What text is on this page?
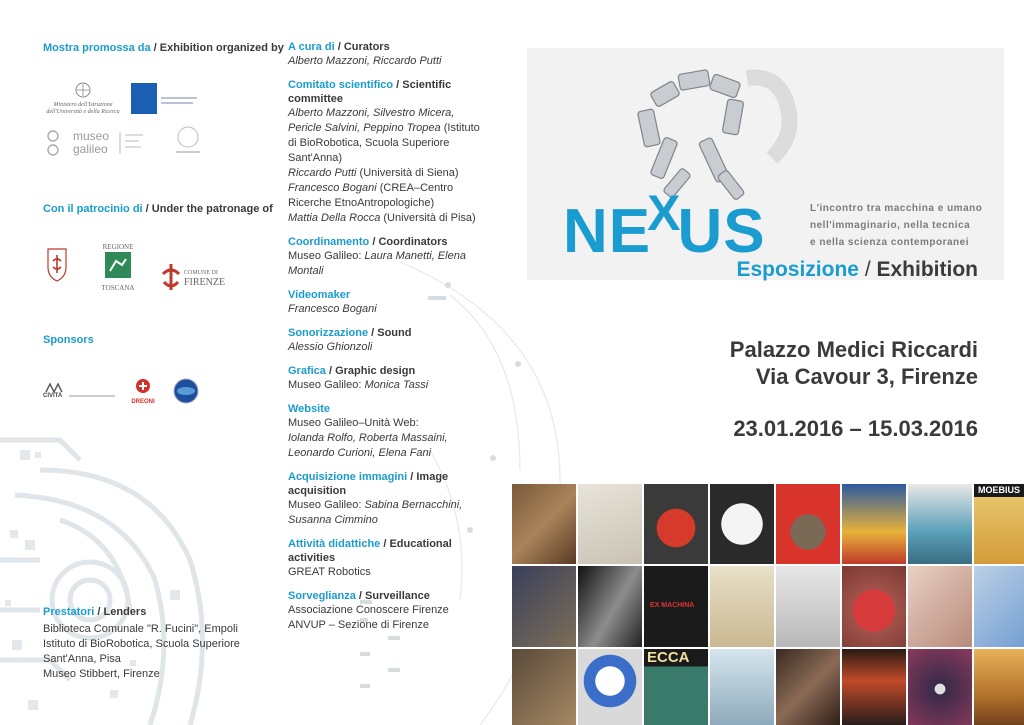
Mostra promossa da / Exhibition organized by
Ministero dell'Istruzione
dell'Università e della Ricerca
museo
galileo
Con il patrocinio di / Under the patronage of
REGIONE
TOSCANA
COMUNE DI
FIRENZE
Sponsors
CIVITA
DREONI
Prestatori / Lenders
Biblioteca Comunale "R. Fucini", Empoli
Istituto di BioRobotica, Scuola Superiore
Sant'Anna, Pisa
Museo Stibbert, Firenze
A cura di / Curators
Alberto Mazzoni, Riccardo Putti
Comitato scientifico / Scientific committee
Alberto Mazzoni, Silvestro Micera,
Pericle Salvini, Peppino Tropea (Istituto
di BioRobotica, Scuola Superiore
Sant'Anna)
Riccardo Putti (Università di Siena)
Francesco Bogani (CREA–Centro
Ricerche EtnoAntropologiche)
Mattia Della Rocca (Università di Pisa)
Coordinamento / Coordinators
Museo Galileo: Laura Manetti, Elena
Montali
Videomaker
Francesco Bogani
Sonorizzazione / Sound
Alessio Ghionzoli
Grafica / Graphic design
Museo Galileo: Monica Tassi
Website
Museo Galileo–Unità Web:
Iolanda Rolfo, Roberta Massaini,
Leonardo Curioni, Elena Fani
Acquisizione immagini / Image acquisition
Museo Galileo: Sabina Bernacchini,
Susanna Cimmino
Attività didattiche / Educational activities
GREAT Robotics
Sorveglianza / Surveillance
Associazione Conoscere Firenze
ANVUP – Sezione di Firenze
NEXUS	L'incontro tra macchina e umano
nell'immaginario, nella tecnica
e nella scienza contemporanei
Esposizione / Exhibition
Palazzo Medici Riccardi
Via Cavour 3, Firenze
23.01.2016 – 15.03.2016
MOEBIUS
EX MACHINA
ECCA
